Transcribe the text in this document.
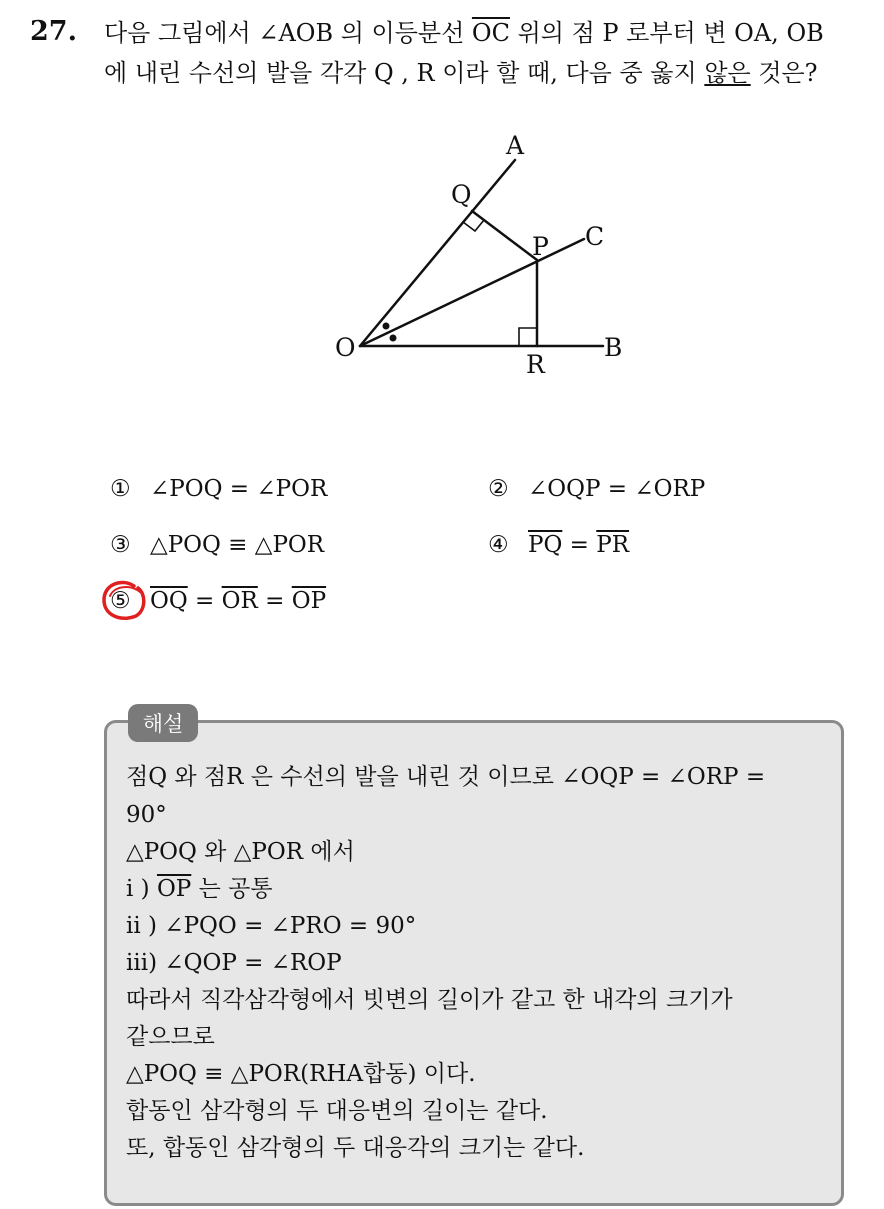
27. 다음 그림에서 ∠AOB 의 이등분선 $\overline{OC}$ 위의 점 P 로부터 변 OA, OB
에 내린 수선의 발을 각각 Q , R 이라 할 때, 다음 중 옳지 않은 것은?
A
Q
P C
O
R
B
① ∠POQ = ∠POR	② ∠OQP = ∠ORP
③ △POQ ≡ △POR	④ $\overline{PQ} = \overline{PR}$
⑤ $\overline{OQ} = \overline{OR} = \overline{OP}$
해설
점Q 와 점R 은 수선의 발을 내린 것 이므로 ∠OQP = ∠ORP =
90°
△POQ 와 △POR 에서
i ) $\overline{OP}$ 는 공통
ii ) ∠PQO = ∠PRO = 90°
iii) ∠QOP = ∠ROP
따라서 직각삼각형에서 빗변의 길이가 같고 한 내각의 크기가
같으므로
△POQ ≡ △POR(RHA합동) 이다.
합동인 삼각형의 두 대응변의 길이는 같다.
또, 합동인 삼각형의 두 대응각의 크기는 같다.
